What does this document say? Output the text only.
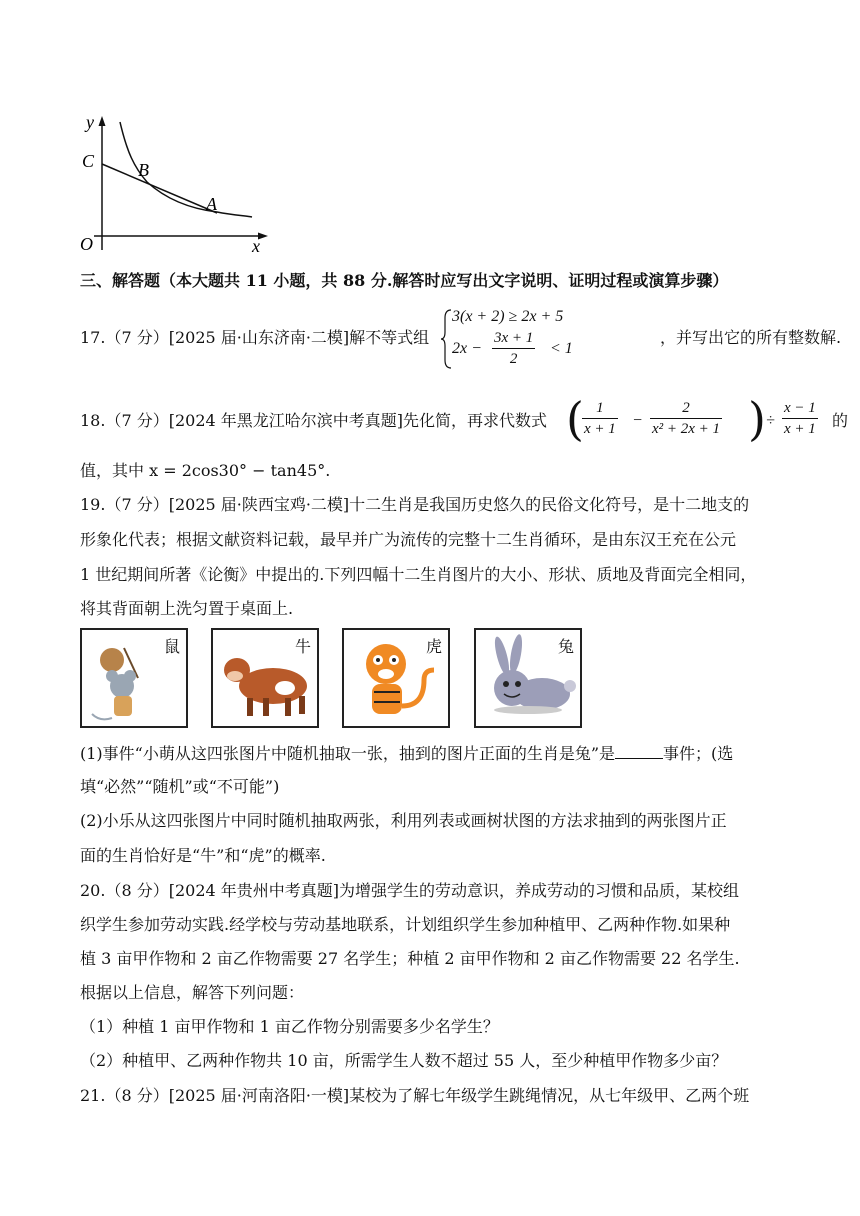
y
C B
A
O	x
三、解答题（本大题共 11 小题，共 88 分.解答时应写出文字说明、证明过程或演算步骤）
17.（7 分）[2025 届·山东济南·二模]解不等式组
3(x + 2) ≥ 2x + 5
$2x - \frac{3x + 1}{2} < 1$
，并写出它的所有整数解.
18.（7 分）[2024 年黑龙江哈尔滨中考真题]先化简，再求代数式 (
$\frac{1}{x + 1} - \frac{2}{\text{x² + 2x + 1}}$ ) ÷ $\frac{x - 1}{x + 1}$ 的
值，其中 x = 2cos30° − tan45°.
19.（7 分）[2025 届·陕西宝鸡·二模]十二生肖是我国历史悠久的民俗文化符号，是十二地支的
形象化代表；根据文献资料记载，最早并广为流传的完整十二生肖循环，是由东汉王充在公元
1 世纪期间所著《论衡》中提出的.下列四幅十二生肖图片的大小、形状、质地及背面完全相同，
将其背面朝上洗匀置于桌面上.
鼠	牛	虎	兔
(1)事件“小萌从这四张图片中随机抽取一张，抽到的图片正面的生肖是兔”是	事件；(选
填“必然”“随机”或“不可能”)
(2)小乐从这四张图片中同时随机抽取两张，利用列表或画树状图的方法求抽到的两张图片正
面的生肖恰好是“牛”和“虎”的概率.
20.（8 分）[2024 年贵州中考真题]为增强学生的劳动意识，养成劳动的习惯和品质，某校组
织学生参加劳动实践.经学校与劳动基地联系，计划组织学生参加种植甲、乙两种作物.如果种
植 3 亩甲作物和 2 亩乙作物需要 27 名学生；种植 2 亩甲作物和 2 亩乙作物需要 22 名学生.
根据以上信息，解答下列问题：
（1）种植 1 亩甲作物和 1 亩乙作物分别需要多少名学生？
（2）种植甲、乙两种作物共 10 亩，所需学生人数不超过 55 人，至少种植甲作物多少亩？
21.（8 分）[2025 届·河南洛阳·一模]某校为了解七年级学生跳绳情况，从七年级甲、乙两个班
